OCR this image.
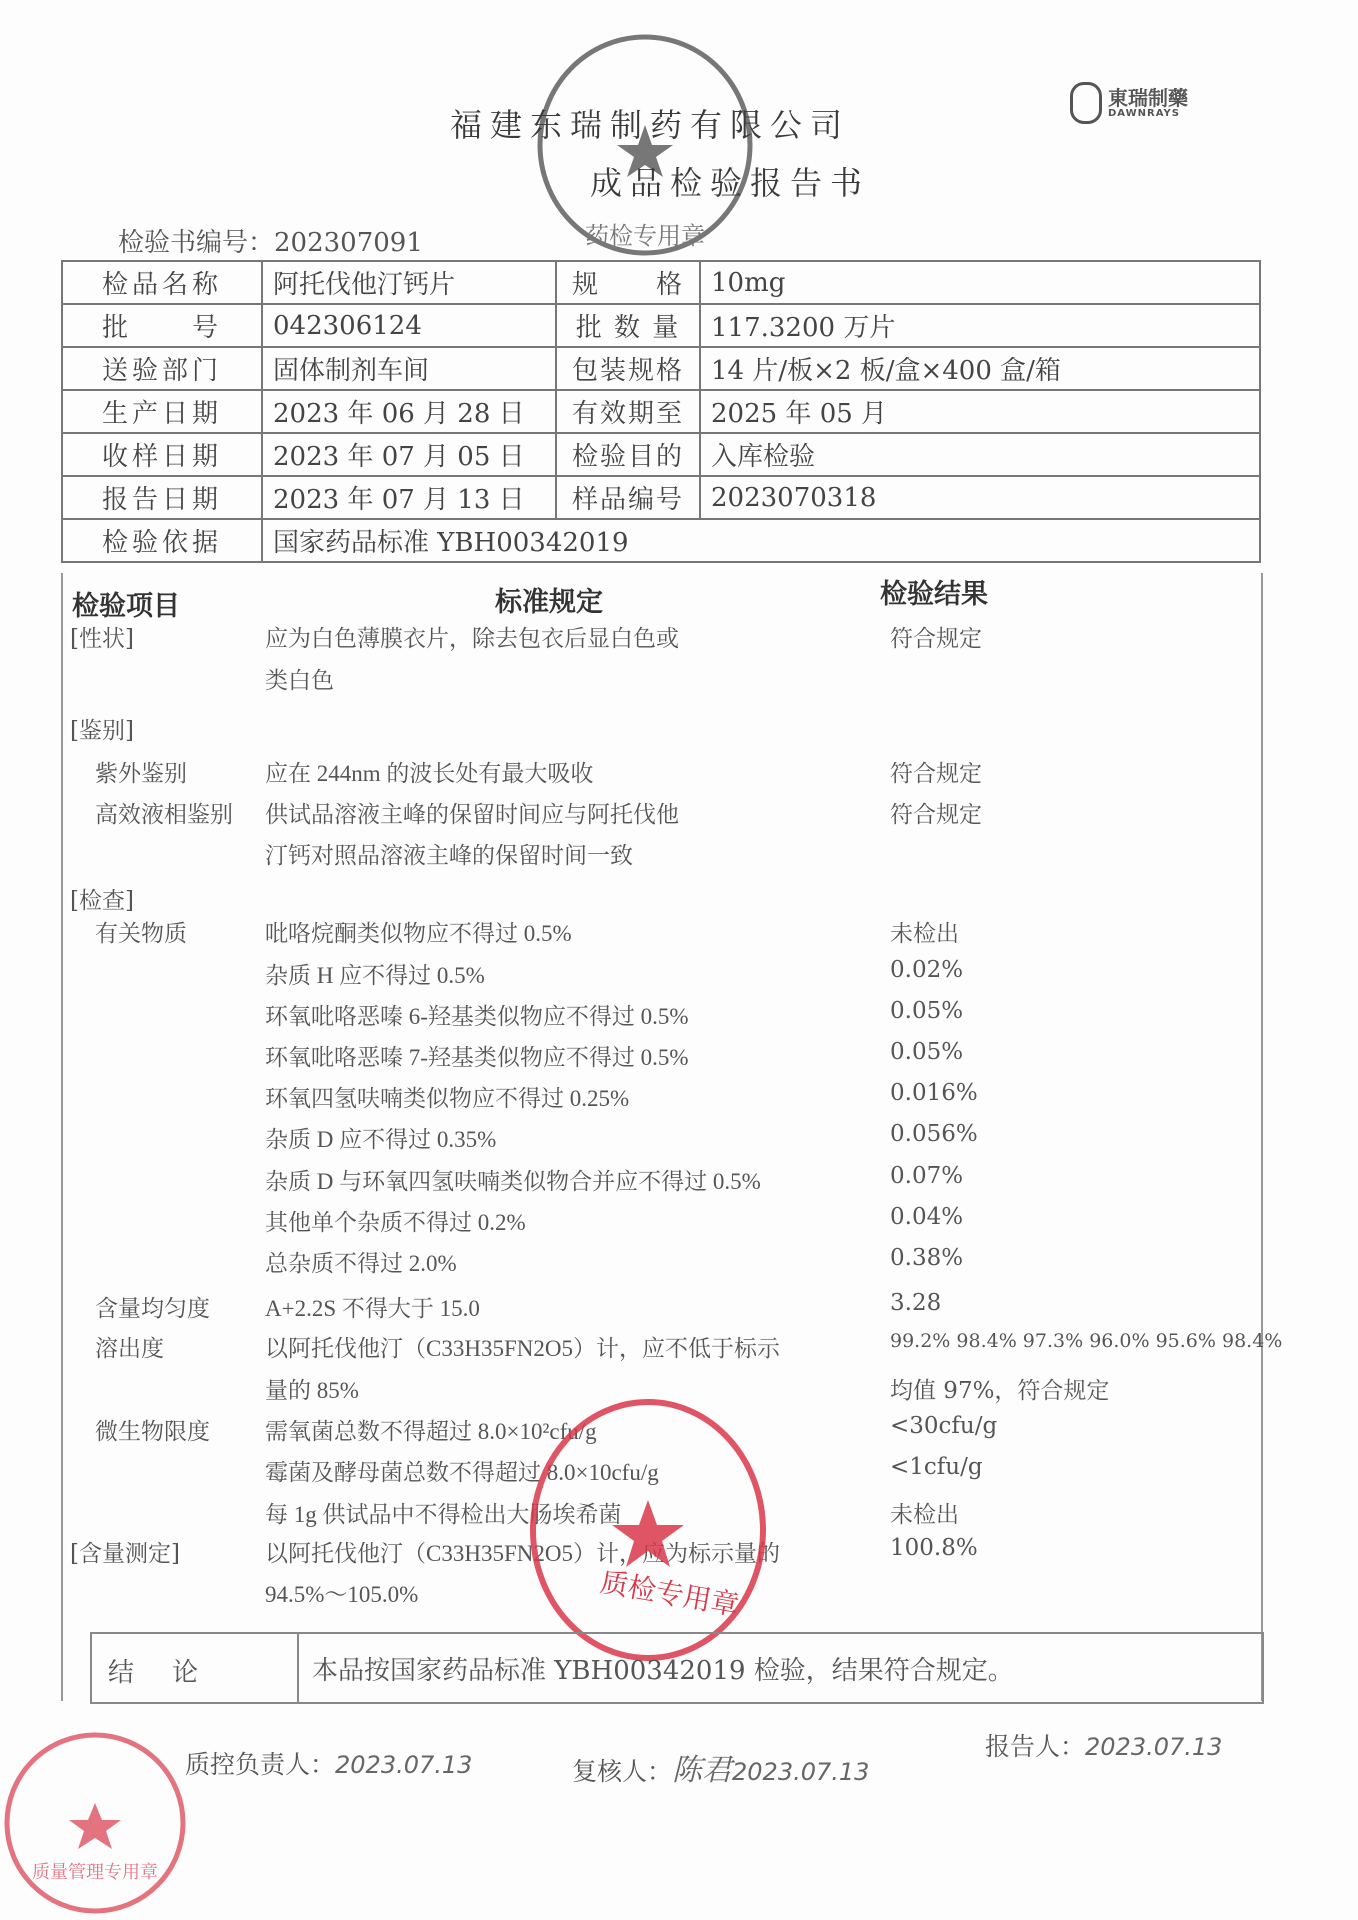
药检专用章
福建东瑞制药有限公司
成品检验报告书
東瑞制藥
DAWNRAYS
检验书编号：202307091
检品名称	阿托伐他汀钙片	规　　格	10mg
批　　号	042306124	批 数 量	117.3200 万片
送验部门	固体制剂车间	包装规格	14 片/板×2 板/盒×400 盒/箱
生产日期	2023 年 06 月 28 日	有效期至	2025 年 05 月
收样日期	2023 年 07 月 05 日	检验目的	入库检验
报告日期	2023 年 07 月 13 日	样品编号	2023070318
检验依据	国家药品标准 YBH00342019		
检验项目	标准规定	检验结果
[性状]	应为白色薄膜衣片，除去包衣后显白色或	符合规定
类白色
[鉴别]
紫外鉴别	应在 244nm 的波长处有最大吸收	符合规定
高效液相鉴别 供试品溶液主峰的保留时间应与阿托伐他	符合规定
汀钙对照品溶液主峰的保留时间一致
[检查]
有关物质	吡咯烷酮类似物应不得过 0.5%	未检出
杂质 H 应不得过 0.5%	0.02%
环氧吡咯恶嗪 6-羟基类似物应不得过 0.5%	0.05%
环氧吡咯恶嗪 7-羟基类似物应不得过 0.5%	0.05%
环氧四氢呋喃类似物应不得过 0.25%	0.016%
杂质 D 应不得过 0.35%	0.056%
杂质 D 与环氧四氢呋喃类似物合并应不得过 0.5%	0.07%
其他单个杂质不得过 0.2%	0.04%
总杂质不得过 2.0%	0.38%
含量均匀度 A+2.2S 不得大于 15.0	3.28
溶出度	以阿托伐他汀（C33H35FN2O5）计，应不低于标示	99.2% 98.4% 97.3% 96.0% 95.6% 98.4%
量的 85%	均值 97%，符合规定
微生物限度 需氧菌总数不得超过 8.0×10²cfu/g	<30cfu/g
霉菌及酵母菌总数不得超过 8.0×10cfu/g	<1cfu/g
每 1g 供试品中不得检出大肠埃希菌	未检出
[含量测定]	以阿托伐他汀（C33H35FN2O5）计，应为标示量的	100.8%
94.5%～105.0%	质检专用章
结　论	本品按国家药品标准 YBH00342019 检验，结果符合规定。
质量管理专用章
质控负责人：2023.07.13	复核人：陈君2023.07.13
报告人：2023.07.13
